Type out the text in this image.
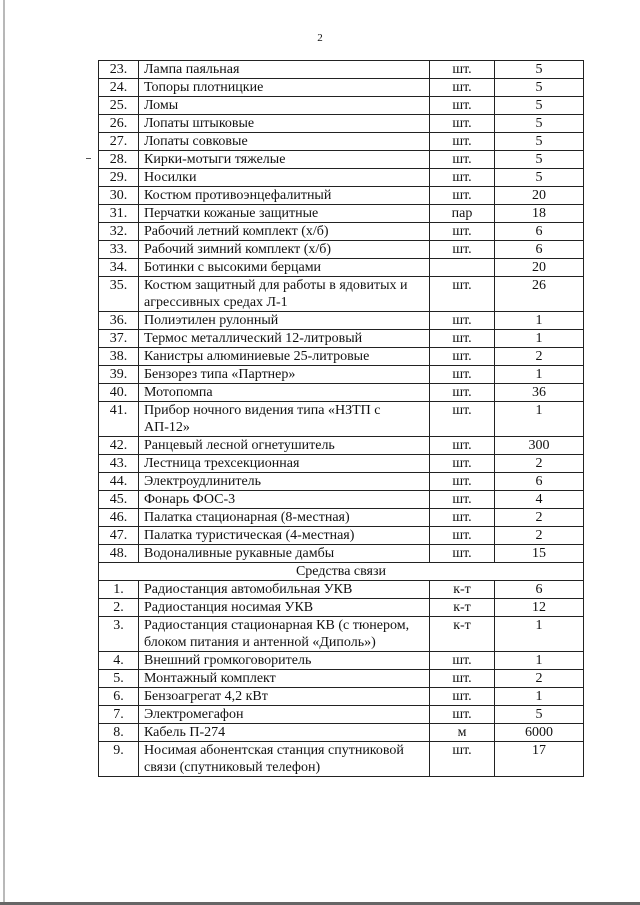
2
23.	Лампа паяльная	шт.	5
24.	Топоры плотницкие	шт.	5
25.	Ломы	шт.	5
26.	Лопаты штыковые	шт.	5
27.	Лопаты совковые	шт.	5
28.	Кирки-мотыги тяжелые	шт.	5
29.	Носилки	шт.	5
30.	Костюм противоэнцефалитный	шт.	20
31.	Перчатки кожаные защитные	пар	18
32.	Рабочий летний комплект (х/б)	шт.	6
33.	Рабочий зимний комплект (х/б)	шт.	6
34.	Ботинки с высокими берцами		20
35.	Костюм защитный для работы в ядовитых и агрессивных средах Л-1	шт.	26
36.	Полиэтилен рулонный	шт.	1
37.	Термос металлический 12-литровый	шт.	1
38.	Канистры алюминиевые 25-литровые	шт.	2
39.	Бензорез типа «Партнер»	шт.	1
40.	Мотопомпа	шт.	36
41.	Прибор ночного видения типа «НЗТП с АП-12»	шт.	1
42.	Ранцевый лесной огнетушитель	шт.	300
43.	Лестница трехсекционная	шт.	2
44.	Электроудлинитель	шт.	6
45.	Фонарь ФОС-3	шт.	4
46.	Палатка стационарная (8-местная)	шт.	2
47.	Палатка туристическая (4-местная)	шт.	2
48.	Водоналивные рукавные дамбы	шт.	15
Средства связи			
1.	Радиостанция автомобильная УКВ	к-т	6
2.	Радиостанция носимая УКВ	к-т	12
3.	Радиостанция стационарная КВ (с тюнером, блоком питания и антенной «Диполь»)	к-т	1
4.	Внешний громкоговоритель	шт.	1
5.	Монтажный комплект	шт.	2
6.	Бензоагрегат 4,2 кВт	шт.	1
7.	Электромегафон	шт.	5
8.	Кабель П-274	м	6000
9.	Носимая абонентская станция спутниковой связи (спутниковый телефон)	шт.	17
